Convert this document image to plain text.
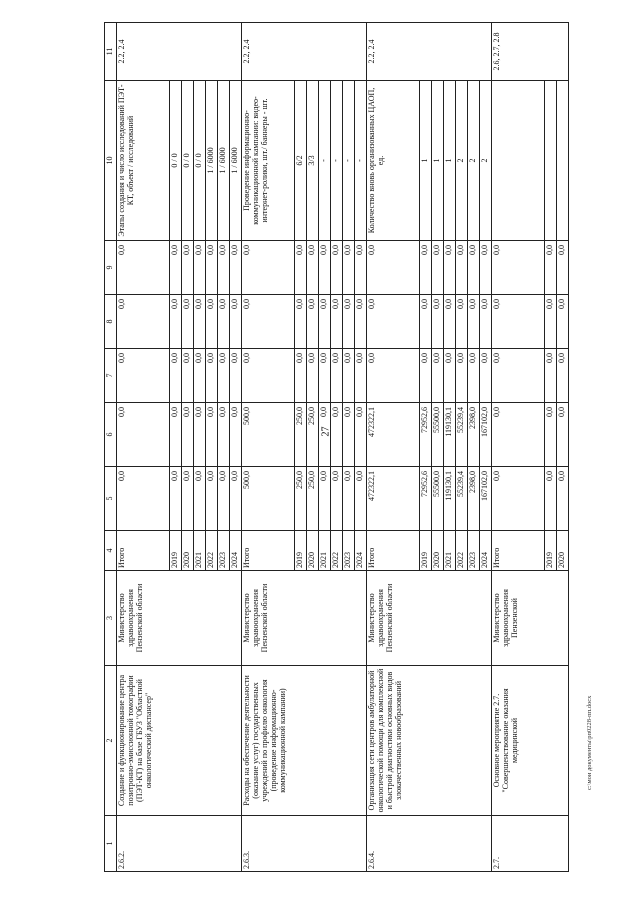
27
1	2	3	4	5	6	7	8	9	10	11
2.6.2.	Создание и функционирование центра позитронно-эмиссионной томографии (ПЭТ-КТ) на базе ГБУЗ "Областной онкологический диспансер"	Министерство здравоохранения Пензенской области	Итого	0,0	0,0	0,0	0,0	0,0	Этапы создания и число исследований ПЭТ-КТ, объект / исследований	2.2, 2.4
			2019	0,0	0,0	0,0	0,0	0,0	0 / 0	
			2020	0,0	0,0	0,0	0,0	0,0	0 / 0	
			2021	0,0	0,0	0,0	0,0	0,0	0 / 0	
			2022	0,0	0,0	0,0	0,0	0,0	1 / 6000	
			2023	0,0	0,0	0,0	0,0	0,0	1 / 6000	
			2024	0,0	0,0	0,0	0,0	0,0	1 / 6000	
2.6.3.	Расходы на обеспечение деятельности (оказание услуг) государственных учреждений по профилю онкология (проведение информационно-коммуникационной кампании)	Министерство здравоохранения Пензенской области	Итого	500,0	500,0	0,0	0,0	0,0	Проведение информационно-коммуникационной кампании: видео-интернет-ролики, шт./ баннеры - шт.	2.2, 2.4
			2019	250,0	250,0	0,0	0,0	0,0	6/2	
			2020	250,0	250,0	0,0	0,0	0,0	3/3	
			2021	0,0	0,0	0,0	0,0	0,0	-	
			2022	0,0	0,0	0,0	0,0	0,0	-	
			2023	0,0	0,0	0,0	0,0	0,0	-	
			2024	0,0	0,0	0,0	0,0	0,0	-	
2.6.4.	Организация сети центров амбулаторной онкологической помощи для комплексной и быстрой диагностики основных видов злокачественных новообразований	Министерство здравоохранения Пензенской области	Итого	472322,1	472322,1	0,0	0,0	0,0	Количество вновь организованных ЦАОП, ед.	2.2, 2.4
			2019	72952,6	72952,6	0,0	0,0	0,0	1	
			2020	55500,0	55500,0	0,0	0,0	0,0	1	
			2021	119130,1	119130,1	0,0	0,0	0,0	1	
			2022	55239,4	55239,4	0,0	0,0	0,0	2	
			2023	2398,0	2398,0	0,0	0,0	0,0	2	
			2024	167102,0	167102,0	0,0	0,0	0,0	2	
2.7.	Основное мероприятие 2.7. "Совершенствование оказания медицинской	Министерство здравоохранения Пензенской	Итого	0,0	0,0	0,0	0,0	0,0		2.6, 2.7, 2.8
			2019	0,0	0,0	0,0	0,0	0,0		
			2020	0,0	0,0	0,0	0,0	0,0		
c:\мои документы\рп0228-пп.docx
